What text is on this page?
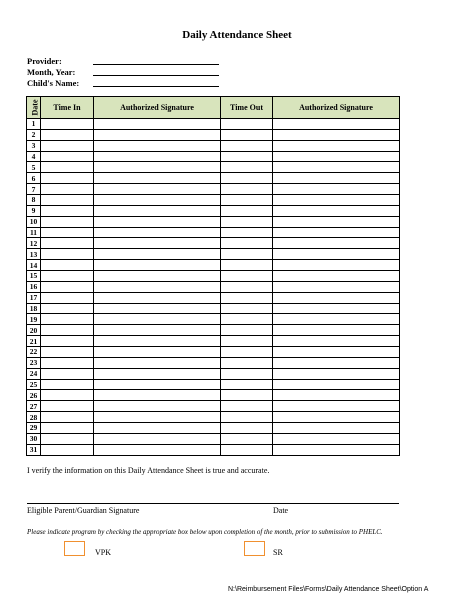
Daily Attendance Sheet
Provider:
Month, Year:
Child's Name:
Date	Time In	Authorized Signature	Time Out	Authorized Signature
1				
2				
3				
4				
5				
6				
7				
8				
9				
10				
11				
12				
13				
14				
15				
16				
17				
18				
19				
20				
21				
22				
23				
24				
25				
26				
27				
28				
29				
30				
31				
I verify the information on this Daily Attendance Sheet is true and accurate.
Eligible Parent/Guardian Signature	Date
Please indicate program by checking the appropriate box below upon completion of the month, prior to submission to PHELC.
VPK	SR
N:\Reimbursement Files\Forms\Daily Attendance Sheet\Option A
